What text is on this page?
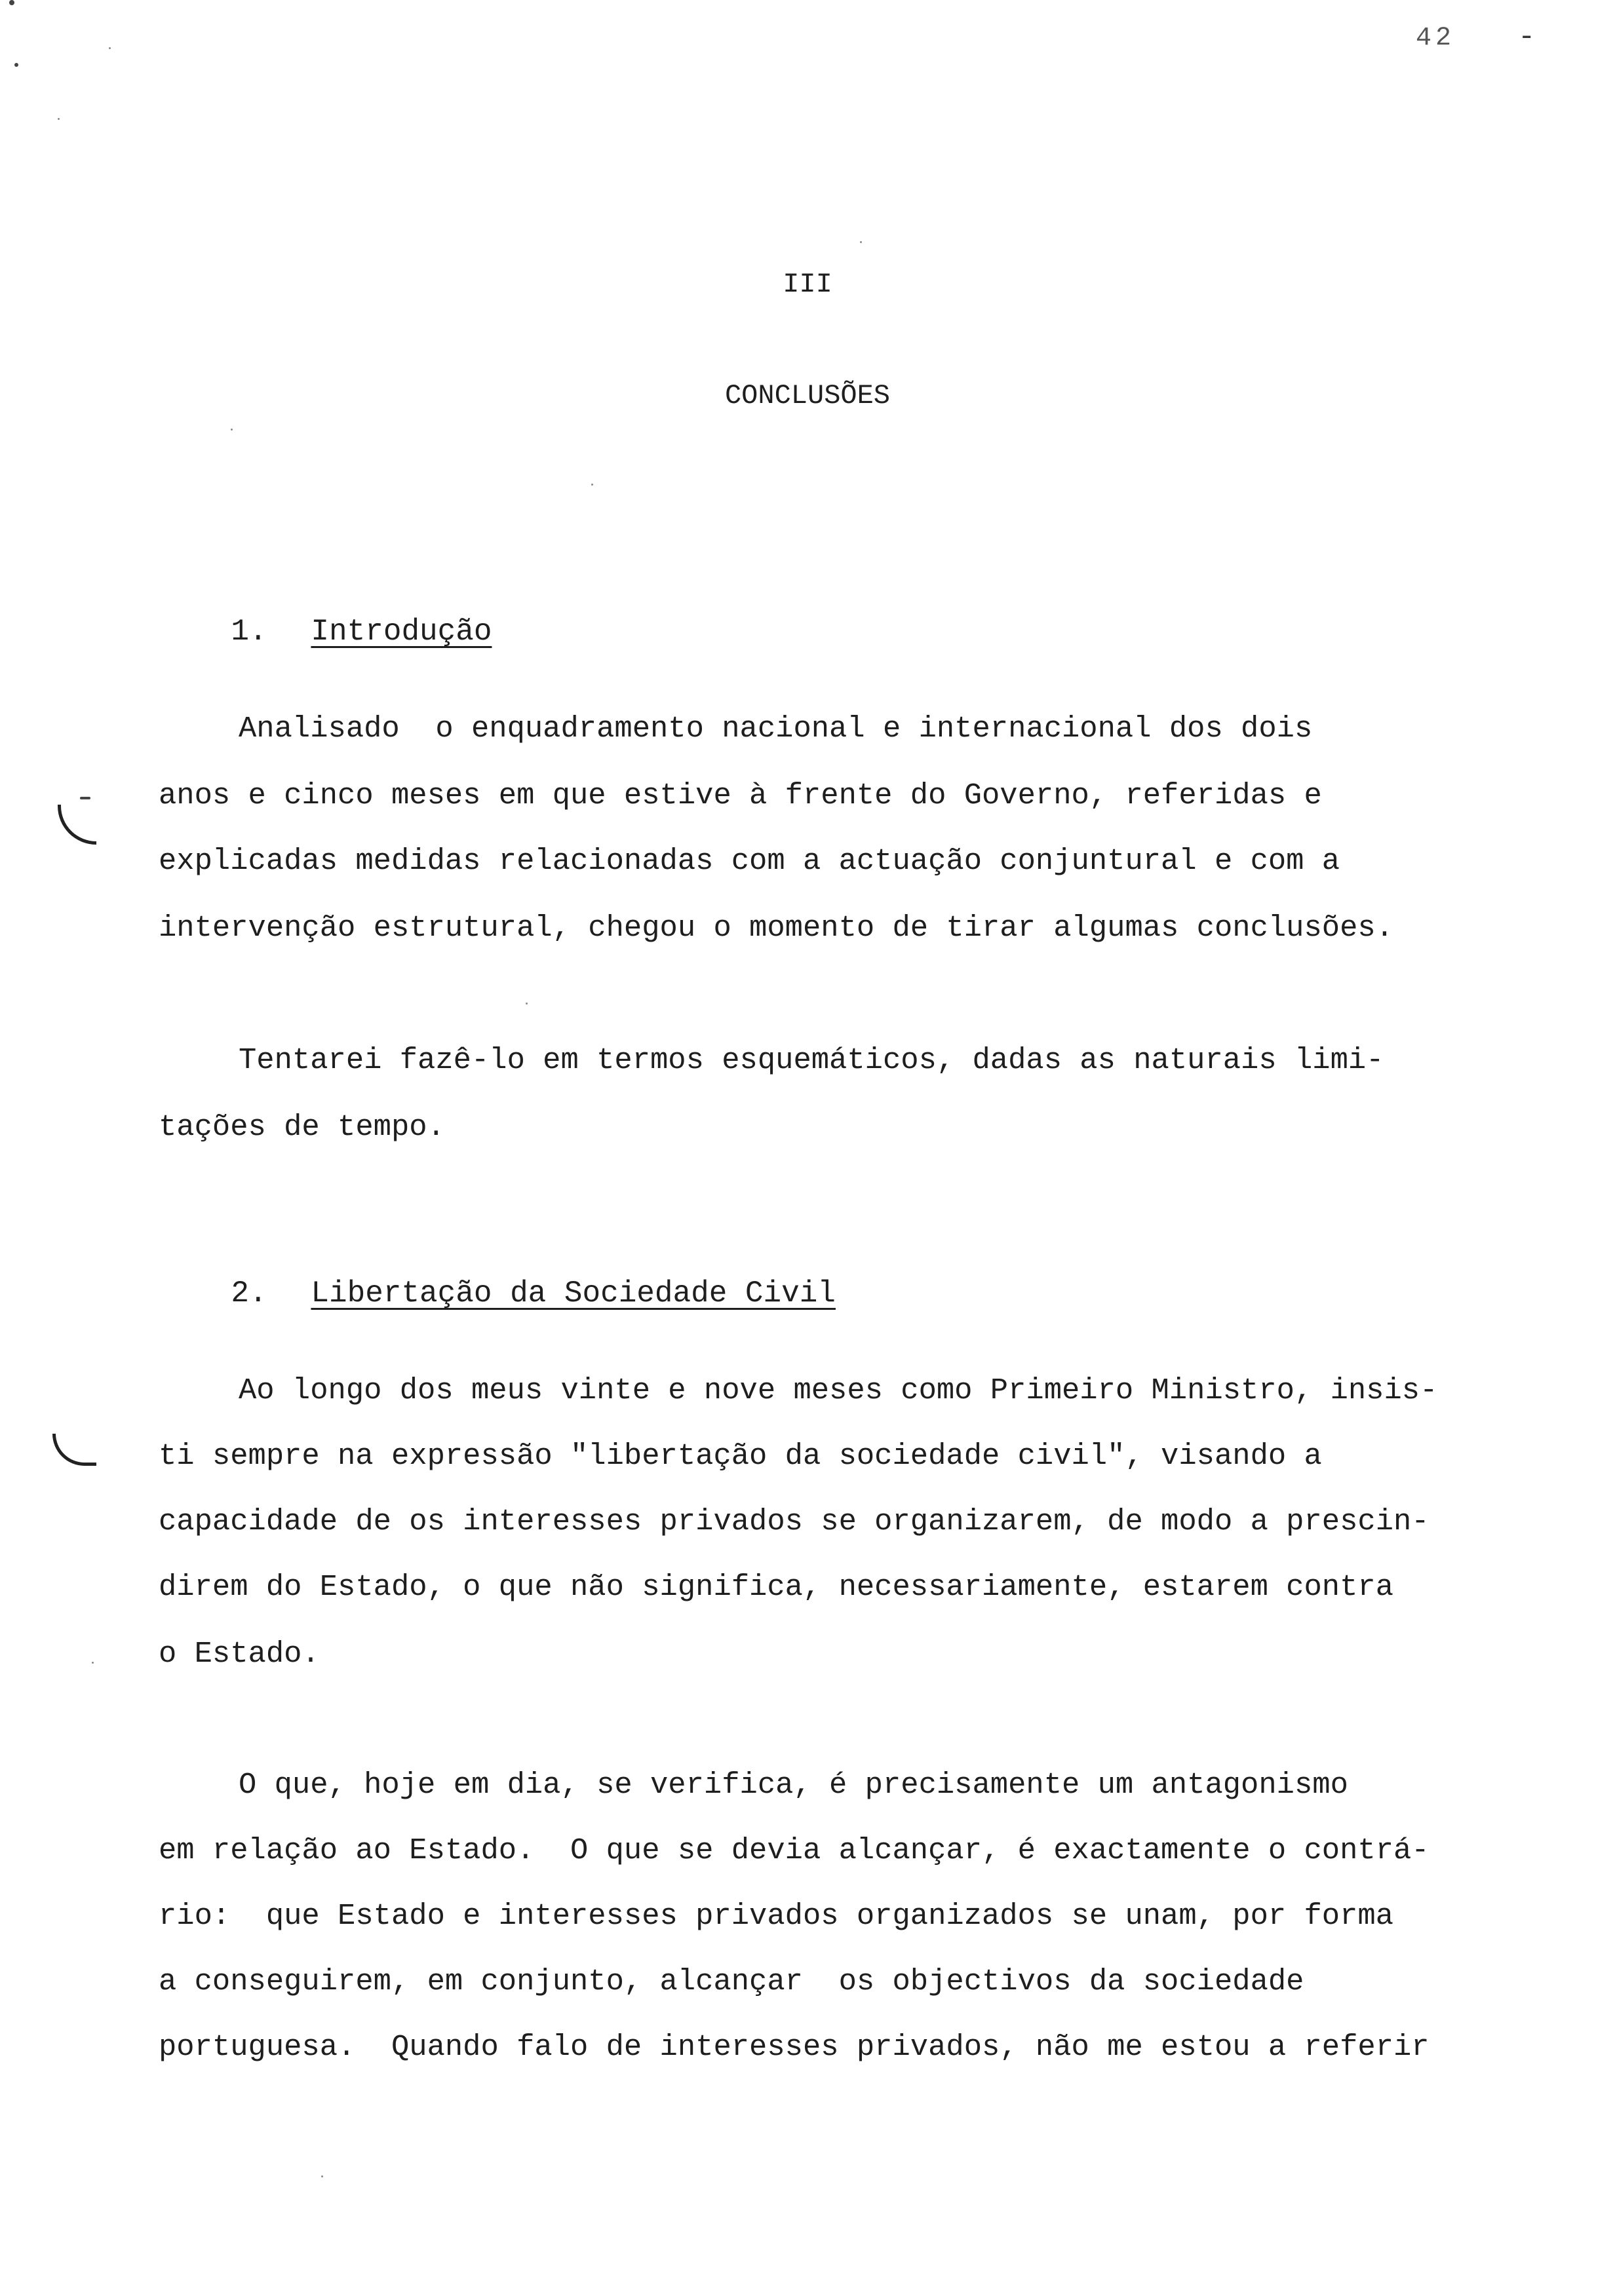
42 -
III
CONCLUSÕES

1. Introdução

Analisado  o enquadramento nacional e internacional dos dois
anos e cinco meses em que estive à frente do Governo, referidas e
explicadas medidas relacionadas com a actuação conjuntural e com a
intervenção estrutural, chegou o momento de tirar algumas conclusões.
Tentarei fazê-lo em termos esquemáticos, dadas as naturais limi-
tações de tempo.

2. Libertação da Sociedade Civil

Ao longo dos meus vinte e nove meses como Primeiro Ministro, insis-
ti sempre na expressão "libertação da sociedade civil", visando a
capacidade de os interesses privados se organizarem, de modo a prescin-
direm do Estado, o que não significa, necessariamente, estarem contra
o Estado.
O que, hoje em dia, se verifica, é precisamente um antagonismo
em relação ao Estado.  O que se devia alcançar, é exactamente o contrá-
rio:  que Estado e interesses privados organizados se unam, por forma
a conseguirem, em conjunto, alcançar  os objectivos da sociedade
portuguesa.  Quando falo de interesses privados, não me estou a referir
